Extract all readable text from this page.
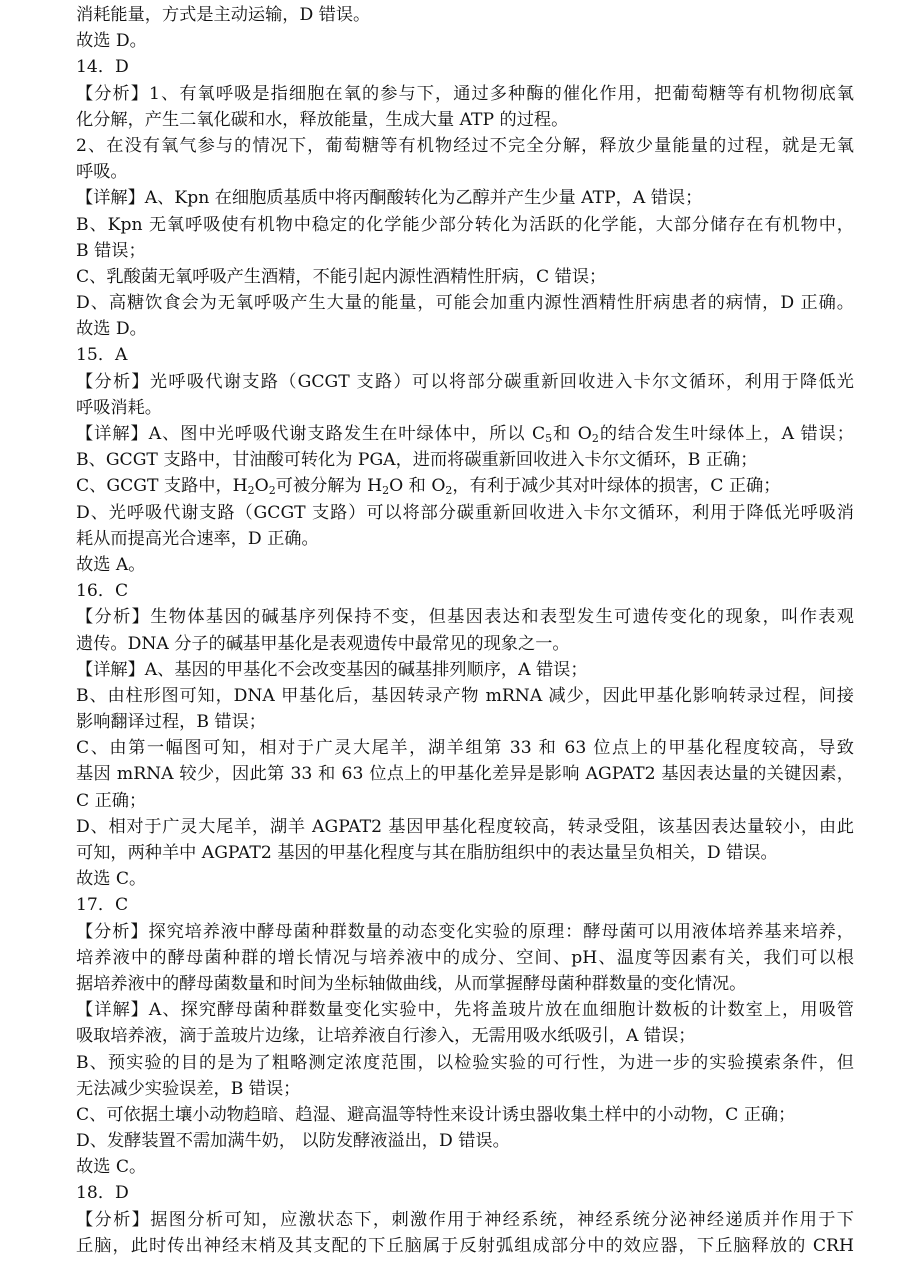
消耗能量，方式是主动运输，D 错误。
故选 D。
14．D
【分析】1、有氧呼吸是指细胞在氧的参与下，通过多种酶的催化作用，把葡萄糖等有机物彻底氧
化分解，产生二氧化碳和水，释放能量，生成大量 ATP 的过程。
2、在没有氧气参与的情况下，葡萄糖等有机物经过不完全分解，释放少量能量的过程，就是无氧
呼吸。
【详解】A、Kpn 在细胞质基质中将丙酮酸转化为乙醇并产生少量 ATP，A 错误；
B、Kpn 无氧呼吸使有机物中稳定的化学能少部分转化为活跃的化学能，大部分储存在有机物中，
B 错误；
C、乳酸菌无氧呼吸产生酒精，不能引起内源性酒精性肝病，C 错误；
D、高糖饮食会为无氧呼吸产生大量的能量，可能会加重内源性酒精性肝病患者的病情，D 正确。
故选 D。
15．A
【分析】光呼吸代谢支路（GCGT 支路）可以将部分碳重新回收进入卡尔文循环，利用于降低光
呼吸消耗。
【详解】A、图中光呼吸代谢支路发生在叶绿体中，所以 $C_5$和 $O_2$的结合发生叶绿体上，A 错误；
B、GCGT 支路中，甘油酸可转化为 PGA，进而将碳重新回收进入卡尔文循环，B 正确；
C、GCGT 支路中，$H_2O_2$可被分解为 $H_2O$ 和 $O_2$，有利于减少其对叶绿体的损害，C 正确；
D、光呼吸代谢支路（GCGT 支路）可以将部分碳重新回收进入卡尔文循环，利用于降低光呼吸消
耗从而提高光合速率，D 正确。
故选 A。
16．C
【分析】生物体基因的碱基序列保持不变，但基因表达和表型发生可遗传变化的现象，叫作表观
遗传。DNA 分子的碱基甲基化是表观遗传中最常见的现象之一。
【详解】A、基因的甲基化不会改变基因的碱基排列顺序，A 错误；
B、由柱形图可知，DNA 甲基化后，基因转录产物 mRNA 减少，因此甲基化影响转录过程，间接
影响翻译过程，B 错误；
C、由第一幅图可知，相对于广灵大尾羊，湖羊组第 33 和 63 位点上的甲基化程度较高，导致
基因 mRNA 较少，因此第 33 和 63 位点上的甲基化差异是影响 AGPAT2 基因表达量的关键因素，
C 正确；
D、相对于广灵大尾羊，湖羊 AGPAT2 基因甲基化程度较高，转录受阻，该基因表达量较小，由此
可知，两种羊中 AGPAT2 基因的甲基化程度与其在脂肪组织中的表达量呈负相关，D 错误。
故选 C。
17．C
【分析】探究培养液中酵母菌种群数量的动态变化实验的原理：酵母菌可以用液体培养基来培养，
培养液中的酵母菌种群的增长情况与培养液中的成分、空间、pH、温度等因素有关，我们可以根
据培养液中的酵母菌数量和时间为坐标轴做曲线，从而掌握酵母菌种群数量的变化情况。
【详解】A、探究酵母菌种群数量变化实验中，先将盖玻片放在血细胞计数板的计数室上，用吸管
吸取培养液，滴于盖玻片边缘，让培养液自行渗入，无需用吸水纸吸引，A 错误；
B、预实验的目的是为了粗略测定浓度范围，以检验实验的可行性，为进一步的实验摸索条件，但
无法减少实验误差，B 错误；
C、可依据土壤小动物趋暗、趋湿、避高温等特性来设计诱虫器收集土样中的小动物，C 正确；
D、发酵装置不需加满牛奶， 以防发酵液溢出，D 错误。
故选 C。
18．D
【分析】据图分析可知，应激状态下，刺激作用于神经系统，神经系统分泌神经递质并作用于下
丘脑，此时传出神经末梢及其支配的下丘脑属于反射弧组成部分中的效应器，下丘脑释放的 CRH
